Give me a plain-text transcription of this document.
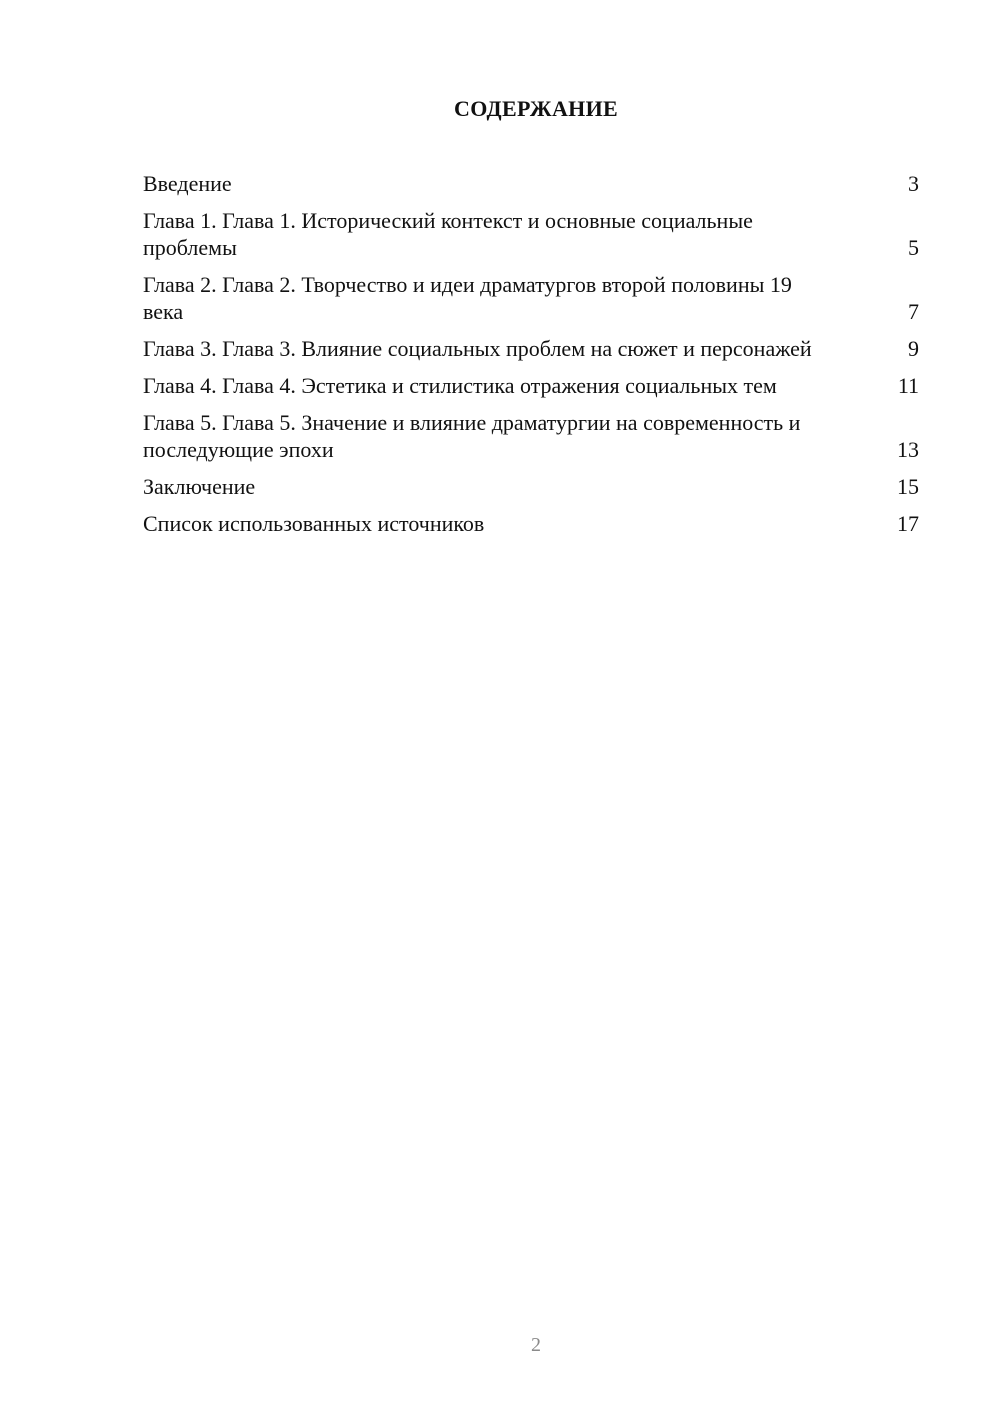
СОДЕРЖАНИЕ
Введение	3
Глава 1. Глава 1. Исторический контекст и основные социальные проблемы	5
Глава 2. Глава 2. Творчество и идеи драматургов второй половины 19 века	7
Глава 3. Глава 3. Влияние социальных проблем на сюжет и персонажей	9
Глава 4. Глава 4. Эстетика и стилистика отражения социальных тем	11
Глава 5. Глава 5. Значение и влияние драматургии на современность и последующие эпохи	13
Заключение	15
Список использованных источников	17
2
